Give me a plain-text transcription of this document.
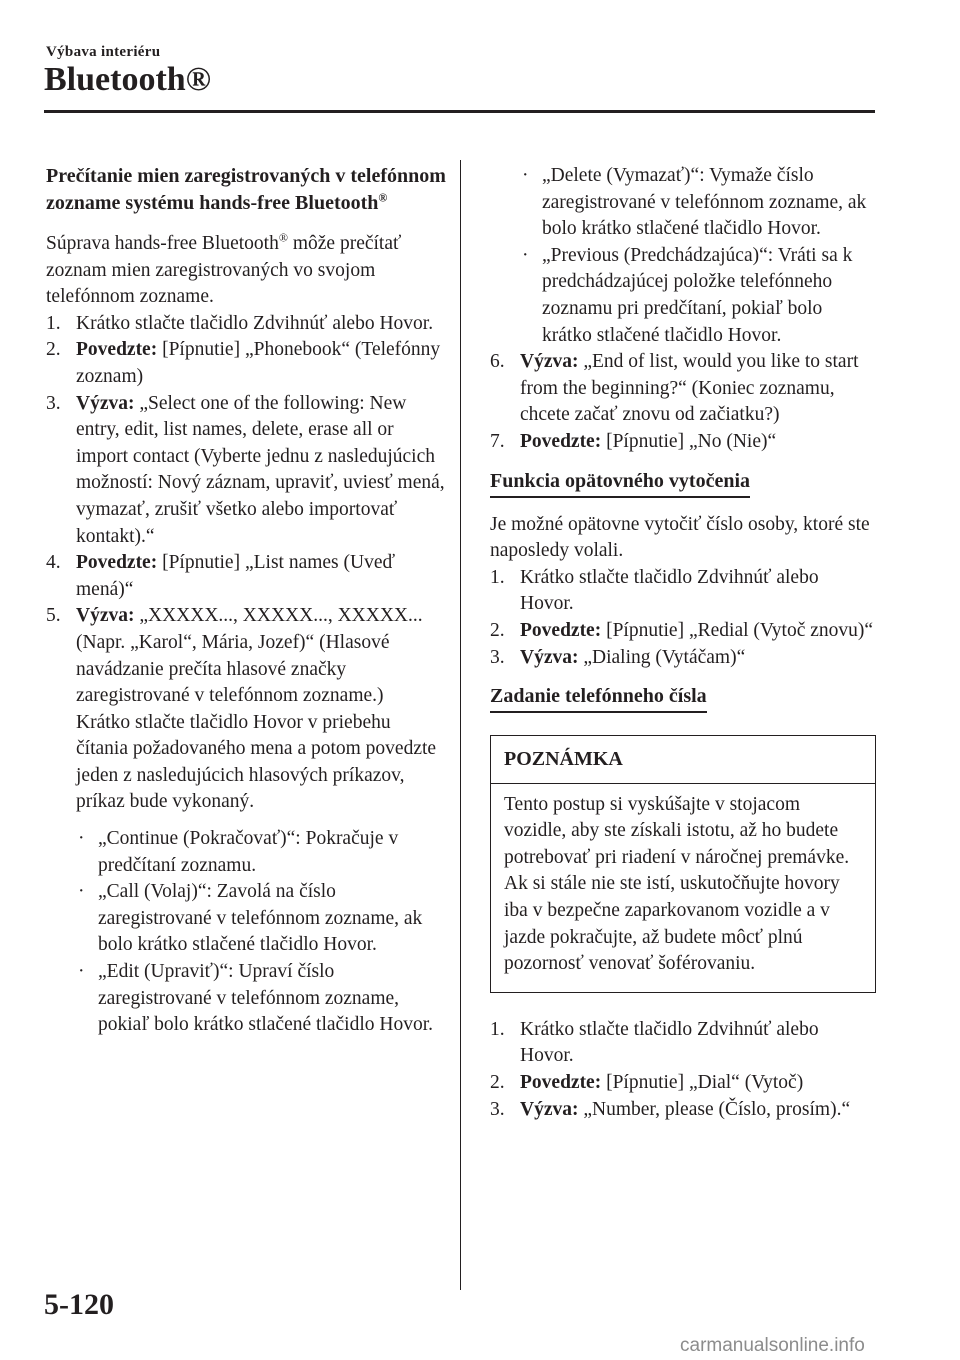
Výbava interiéru
Bluetooth®

Prečítanie mien zaregistrovaných v telefónnom zozname systému hands-free Bluetooth®

Súprava hands-free Bluetooth® môže prečítať zoznam mien zaregistrovaných vo svojom telefónnom zozname.

1. Krátko stlačte tlačidlo Zdvihnúť alebo Hovor.
2. Povedzte: [Pípnutie] „Phonebook“ (Telefónny zoznam)
3. Výzva: „Select one of the following: New entry, edit, list names, delete, erase all or import contact (Vyberte jednu z nasledujúcich možností: Nový záznam, upraviť, uviesť mená, vymazať, zrušiť všetko alebo importovať kontakt).“
4. Povedzte: [Pípnutie] „List names (Uveď mená)“
5. Výzva: „XXXXX..., XXXXX..., XXXXX... (Napr. „Karol“, Mária, Jozef)“ (Hlasové navádzanie prečíta hlasové značky zaregistrované v telefónnom zozname.)

Krátko stlačte tlačidlo Hovor v priebehu čítania požadovaného mena a potom povedzte jeden z nasledujúcich hlasových príkazov, príkaz bude vykonaný.

· „Continue (Pokračovať)“: Pokračuje v predčítaní zoznamu.
· „Call (Volaj)“: Zavolá na číslo zaregistrované v telefónnom zozname, ak bolo krátko stlačené tlačidlo Hovor.
· „Edit (Upraviť)“: Upraví číslo zaregistrované v telefónnom zozname, pokiaľ bolo krátko stlačené tlačidlo Hovor.
· „Delete (Vymazať)“: Vymaže číslo zaregistrované v telefónnom zozname, ak bolo krátko stlačené tlačidlo Hovor.
· „Previous (Predchádzajúca)“: Vráti sa k predchádzajúcej položke telefónneho zoznamu pri predčítaní, pokiaľ bolo krátko stlačené tlačidlo Hovor.
6. Výzva: „End of list, would you like to start from the beginning?“ (Koniec zoznamu, chcete začať znovu od začiatku?)
7. Povedzte: [Pípnutie] „No (Nie)“
Funkcia opätovného vytočenia

Je možné opätovne vytočiť číslo osoby, ktoré ste naposledy volali.

1. Krátko stlačte tlačidlo Zdvihnúť alebo Hovor.
2. Povedzte: [Pípnutie] „Redial (Vytoč znovu)“
3. Výzva: „Dialing (Vytáčam)“
Zadanie telefónneho čísla
POZNÁMKA
Tento postup si vyskúšajte v stojacom vozidle, aby ste získali istotu, až ho budete potrebovať pri riadení v náročnej premávke. Ak si stále nie ste istí, uskutočňujte hovory iba v bezpečne zaparkovanom vozidle a v jazde pokračujte, až budete môcť plnú pozornosť venovať šoférovaniu.
1. Krátko stlačte tlačidlo Zdvihnúť alebo Hovor.
2. Povedzte: [Pípnutie] „Dial“ (Vytoč)
3. Výzva: „Number, please (Číslo, prosím).“
5-120
carmanualsonline.info
